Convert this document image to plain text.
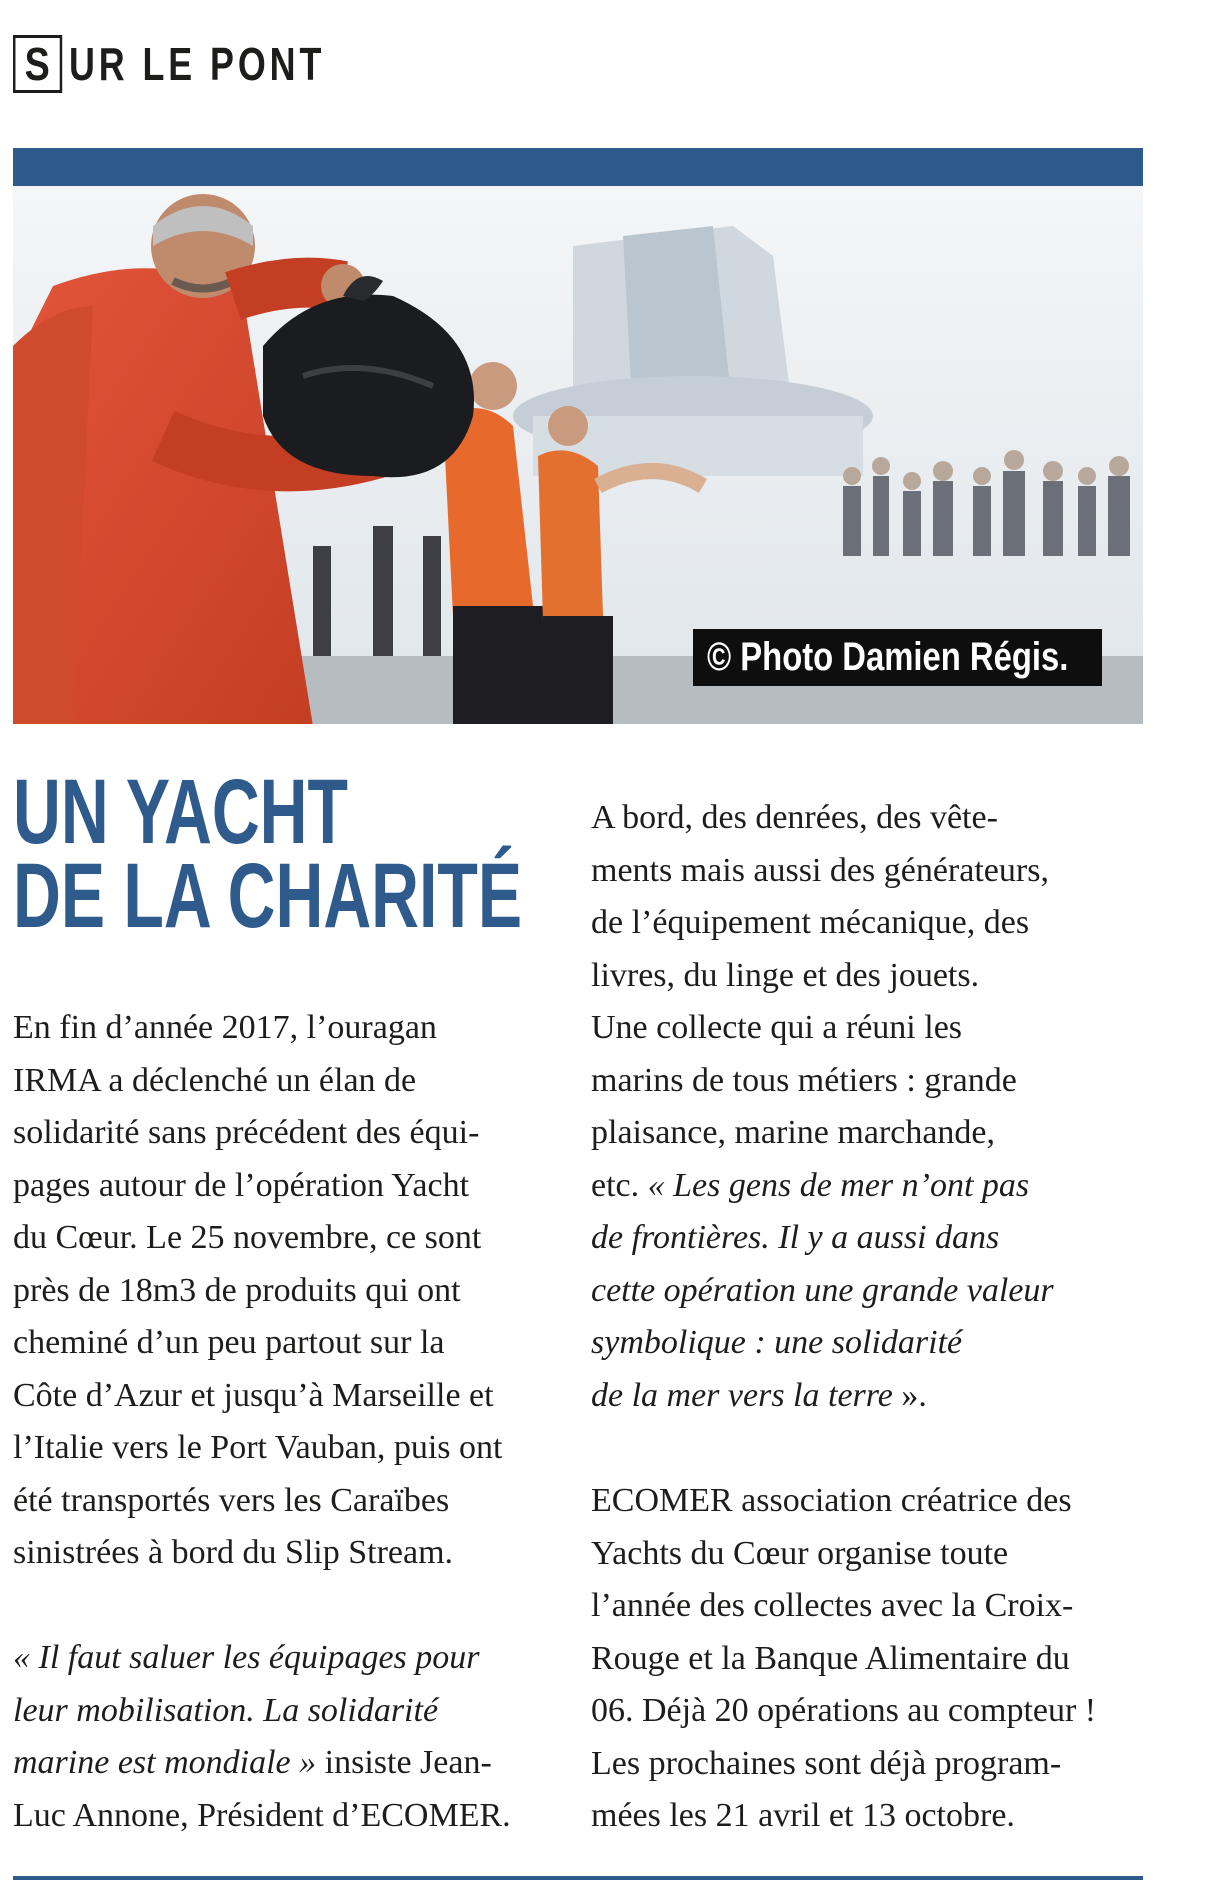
S UR LE PONT
© Photo Damien Régis.
UN YACHT
DE LA CHARITÉ
En fin d’année 2017, l’ouragan
IRMA a déclenché un élan de
solidarité sans précédent des équi-
pages autour de l’opération Yacht
du Cœur. Le 25 novembre, ce sont
près de 18m3 de produits qui ont
cheminé d’un peu partout sur la
Côte d’Azur et jusqu’à Marseille et
l’Italie vers le Port Vauban, puis ont
été transportés vers les Caraïbes
sinistrées à bord du Slip Stream.
« Il faut saluer les équipages pour
leur mobilisation. La solidarité
marine est mondiale » insiste Jean-
Luc Annone, Président d’ECOMER.
A bord, des denrées, des vête-
ments mais aussi des générateurs,
de l’équipement mécanique, des
livres, du linge et des jouets.
Une collecte qui a réuni les
marins de tous métiers : grande
plaisance, marine marchande,
etc. « Les gens de mer n’ont pas
de frontières. Il y a aussi dans
cette opération une grande valeur
symbolique : une solidarité
de la mer vers la terre ».
ECOMER association créatrice des
Yachts du Cœur organise toute
l’année des collectes avec la Croix-
Rouge et la Banque Alimentaire du
06. Déjà 20 opérations au compteur !
Les prochaines sont déjà program-
mées les 21 avril et 13 octobre.
